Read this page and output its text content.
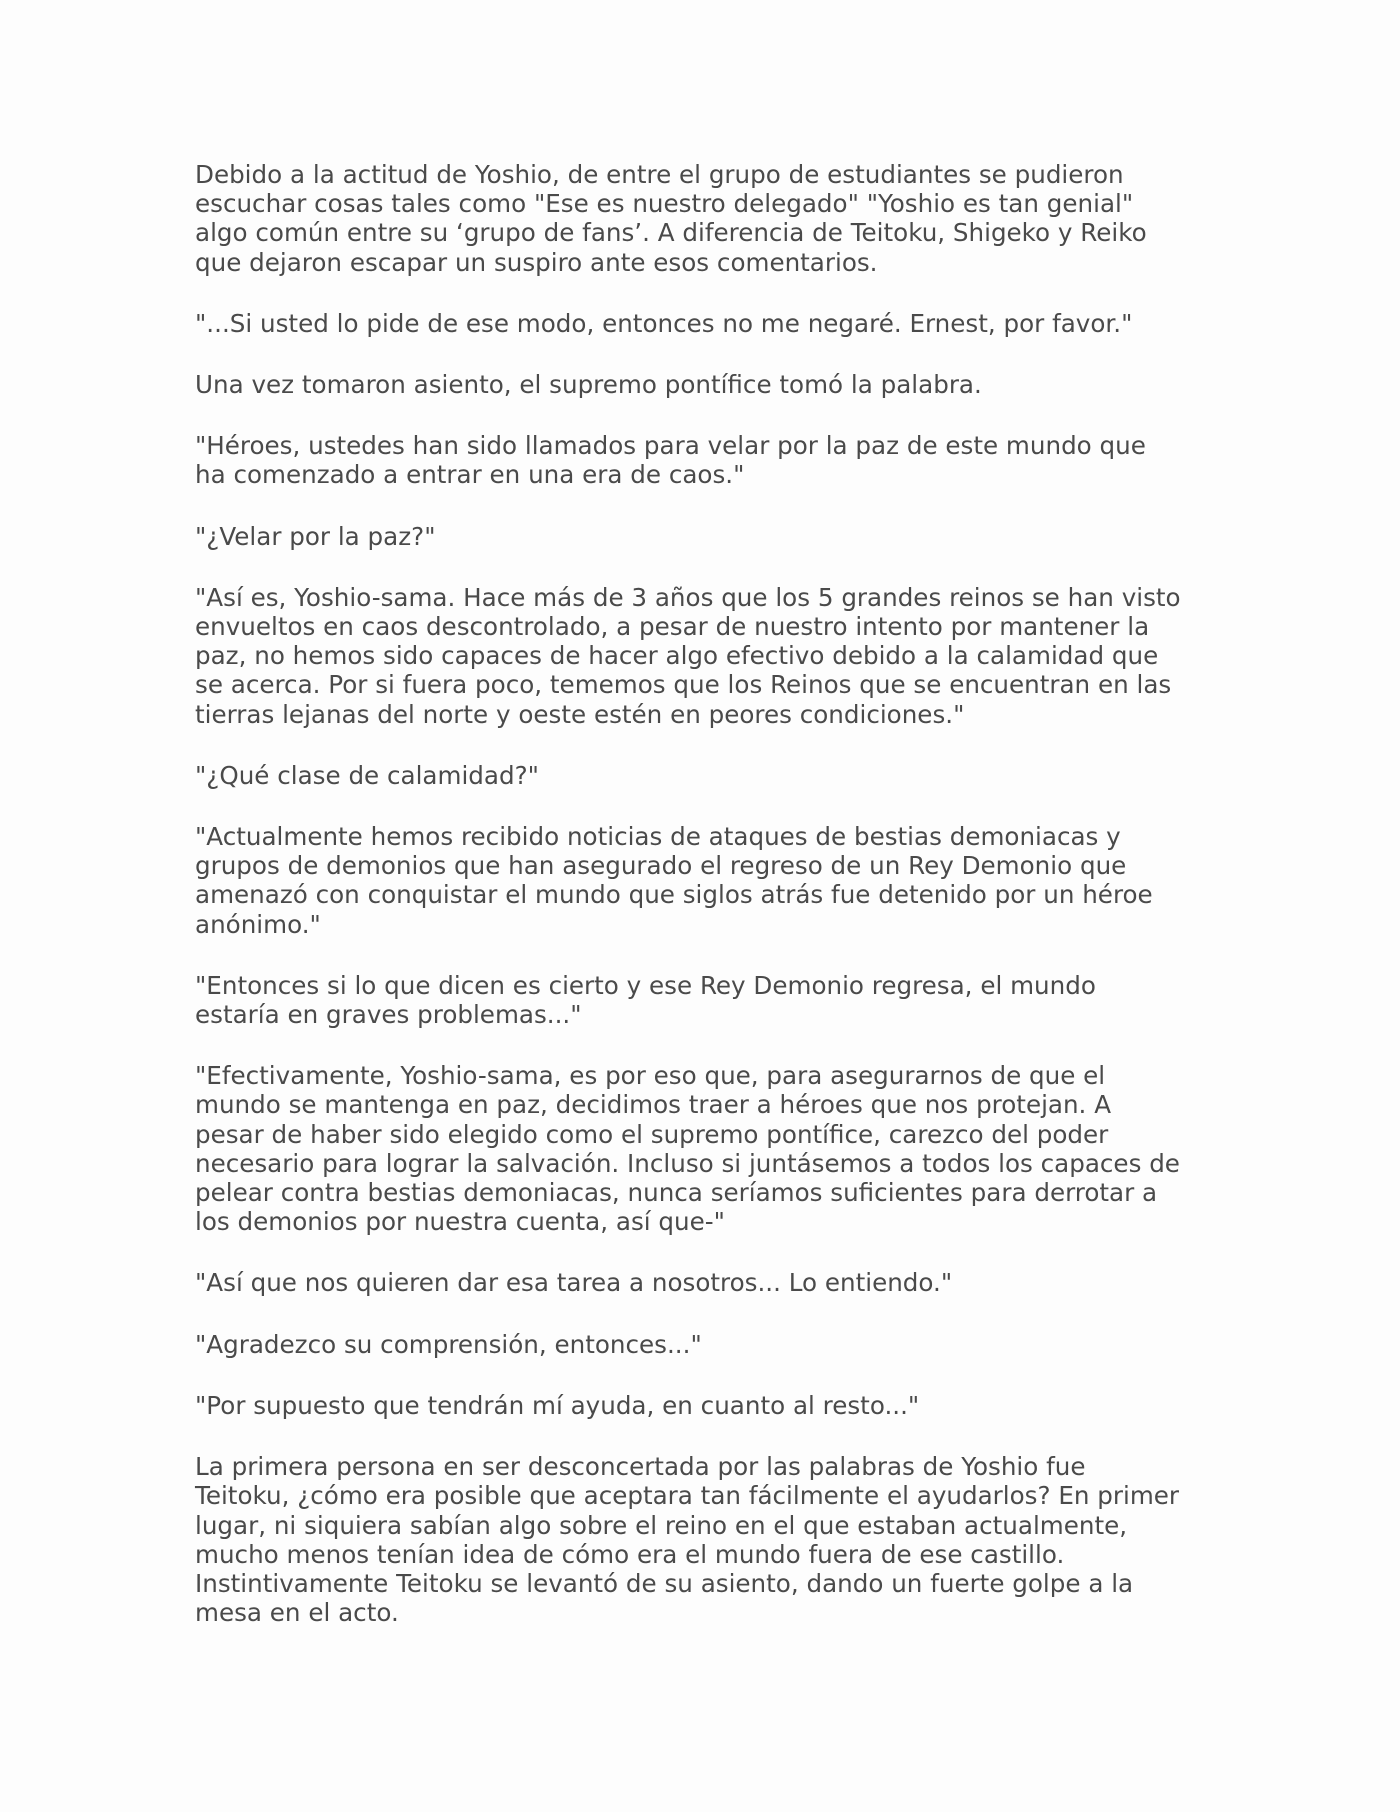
Debido a la actitud de Yoshio, de entre el grupo de estudiantes se pudieron
escuchar cosas tales como "Ese es nuestro delegado" "Yoshio es tan genial"
algo común entre su ‘grupo de fans’. A diferencia de Teitoku, Shigeko y Reiko
que dejaron escapar un suspiro ante esos comentarios.

"...Si usted lo pide de ese modo, entonces no me negaré. Ernest, por favor."

Una vez tomaron asiento, el supremo pontífice tomó la palabra.

"Héroes, ustedes han sido llamados para velar por la paz de este mundo que
ha comenzado a entrar en una era de caos."

"¿Velar por la paz?"

"Así es, Yoshio-sama. Hace más de 3 años que los 5 grandes reinos se han visto
envueltos en caos descontrolado, a pesar de nuestro intento por mantener la
paz, no hemos sido capaces de hacer algo efectivo debido a la calamidad que
se acerca. Por si fuera poco, tememos que los Reinos que se encuentran en las
tierras lejanas del norte y oeste estén en peores condiciones."

"¿Qué clase de calamidad?"

"Actualmente hemos recibido noticias de ataques de bestias demoniacas y
grupos de demonios que han asegurado el regreso de un Rey Demonio que
amenazó con conquistar el mundo que siglos atrás fue detenido por un héroe
anónimo."

"Entonces si lo que dicen es cierto y ese Rey Demonio regresa, el mundo
estaría en graves problemas..."

"Efectivamente, Yoshio-sama, es por eso que, para asegurarnos de que el
mundo se mantenga en paz, decidimos traer a héroes que nos protejan. A
pesar de haber sido elegido como el supremo pontífice, carezco del poder
necesario para lograr la salvación. Incluso si juntásemos a todos los capaces de
pelear contra bestias demoniacas, nunca seríamos suficientes para derrotar a
los demonios por nuestra cuenta, así que-"

"Así que nos quieren dar esa tarea a nosotros... Lo entiendo."

"Agradezco su comprensión, entonces..."

"Por supuesto que tendrán mí ayuda, en cuanto al resto..."

La primera persona en ser desconcertada por las palabras de Yoshio fue
Teitoku, ¿cómo era posible que aceptara tan fácilmente el ayudarlos? En primer
lugar, ni siquiera sabían algo sobre el reino en el que estaban actualmente,
mucho menos tenían idea de cómo era el mundo fuera de ese castillo.
Instintivamente Teitoku se levantó de su asiento, dando un fuerte golpe a la
mesa en el acto.
